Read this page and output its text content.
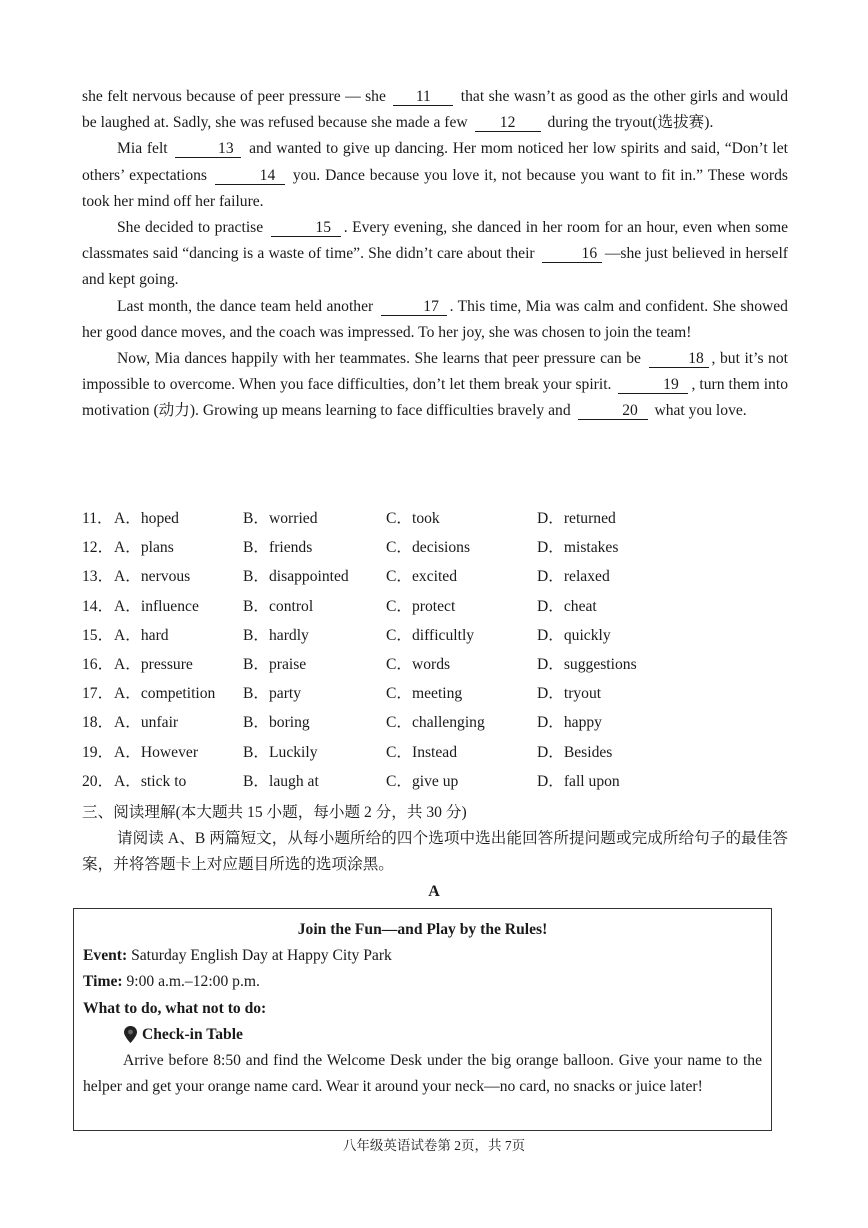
she felt nervous because of peer pressure — she 11 that she wasn’t as good as the other girls and would be laughed at. Sadly, she was refused because she made a few 12 during the tryout(选拔赛).

Mia felt	13 and wanted to give up dancing. Her mom noticed her low spirits and said, “Don’t let others’ expectations	14 you. Dance because you love it, not because you want to fit in.” These words took her mind off her failure.

She decided to practise	15 . Every evening, she danced in her room for an hour, even when some classmates said “dancing is a waste of time”. She didn’t care about their	16 —she just believed in herself and kept going.

Last month, the dance team held another	17 . This time, Mia was calm and confident. She showed her good dance moves, and the coach was impressed. To her joy, she was chosen to join the team!

Now, Mia dances happily with her teammates. She learns that peer pressure can be	18 , but it’s not impossible to overcome. When you face difficulties, don’t let them break your spirit.	19 , turn them into motivation (动力). Growing up means learning to face difficulties bravely and	20 what you love.

11． A．hoped	B．worried	C．took	D．returned
12． A．plans	B．friends	C．decisions	D．mistakes
13． A．nervous	B．disappointed C．excited	D．relaxed
14． A．influence	B．control	C．protect	D．cheat
15． A．hard	B．hardly	C．difficultly	D．quickly
16． A．pressure	B．praise	C．words	D．suggestions
17． A．competition B．party	C．meeting	D．tryout
18． A．unfair	B．boring	C．challenging	D．happy
19． A．However	B．Luckily	C．Instead	D．Besides
20． A．stick to	B．laugh at	C．give up	D．fall upon
三、阅读理解(本大题共 15 小题，每小题 2 分，共 30 分)
请阅读 A、B 两篇短文，从每小题所给的四个选项中选出能回答所提问题或完成所给句子的最佳答案，并将答题卡上对应题目所选的选项涂黑。
A
Join the Fun—and Play by the Rules!
Event: Saturday English Day at Happy City Park
Time: 9:00 a.m.–12:00 p.m.
What to do, what not to do:
Check-in Table
Arrive before 8:50 and find the Welcome Desk under the big orange balloon. Give your name to the helper and get your orange name card. Wear it around your neck—no card, no snacks or juice later!
八年级英语试卷第 2页，共 7页
